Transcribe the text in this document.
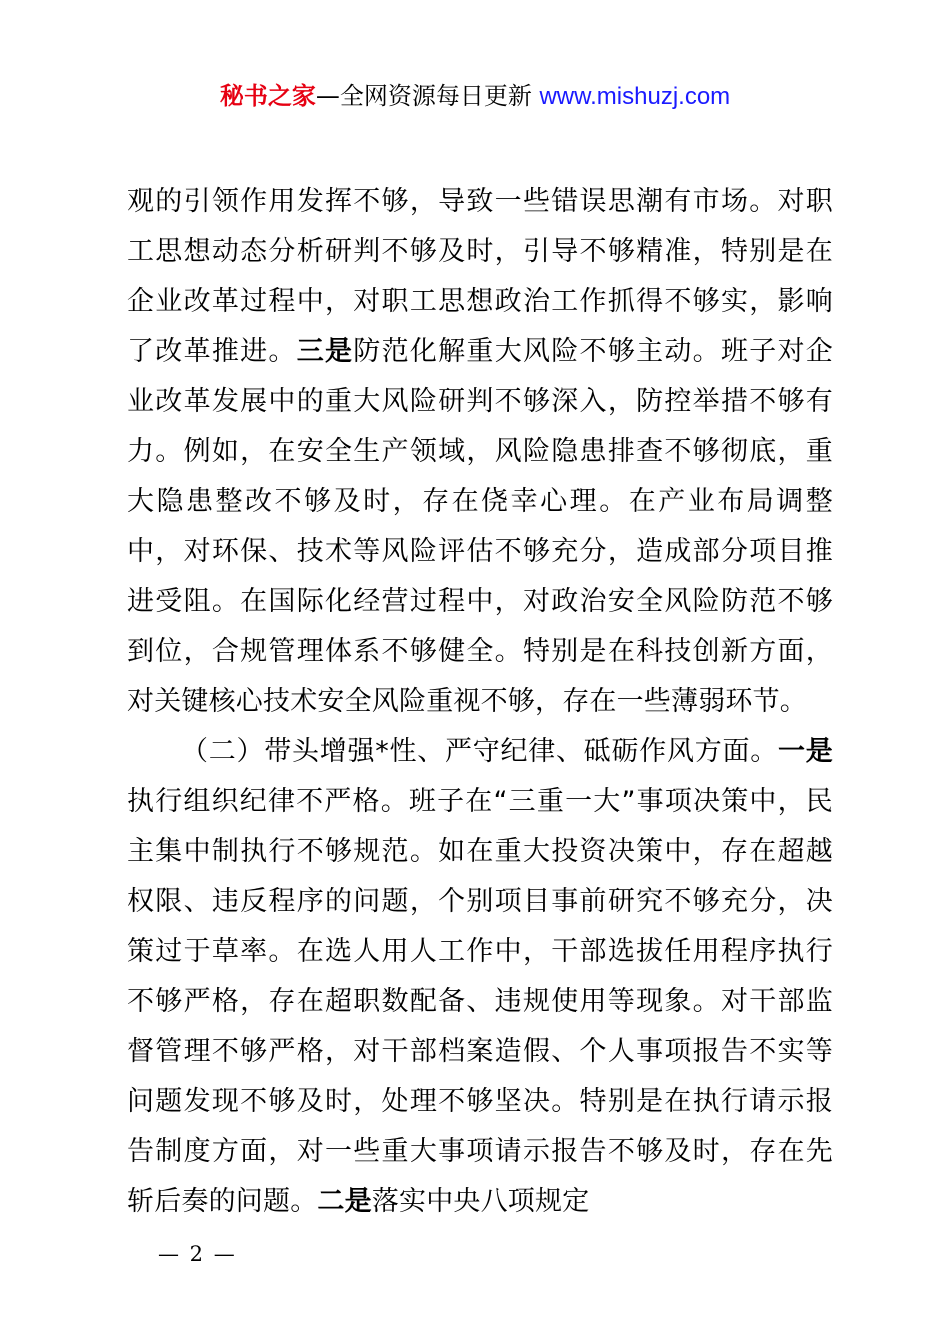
秘书之家—全网资源每日更新 www.mishuzj.com

观的引领作用发挥不够，导致一些错误思潮有市场。对职工思想动态分析研判不够及时，引导不够精准，特别是在企业改革过程中，对职工思想政治工作抓得不够实，影响了改革推进。三是防范化解重大风险不够主动。班子对企业改革发展中的重大风险研判不够深入，防控举措不够有力。例如，在安全生产领域，风险隐患排查不够彻底，重大隐患整改不够及时，存在侥幸心理。在产业布局调整中，对环保、技术等风险评估不够充分，造成部分项目推进受阻。在国际化经营过程中，对政治安全风险防范不够到位，合规管理体系不够健全。特别是在科技创新方面，对关键核心技术安全风险重视不够，存在一些薄弱环节。

（二）带头增强*性、严守纪律、砥砺作风方面。一是执行组织纪律不严格。班子在“三重一大”事项决策中，民主集中制执行不够规范。如在重大投资决策中，存在超越权限、违反程序的问题，个别项目事前研究不够充分，决策过于草率。在选人用人工作中，干部选拔任用程序执行不够严格，存在超职数配备、违规使用等现象。对干部监督管理不够严格，对干部档案造假、个人事项报告不实等问题发现不够及时，处理不够坚决。特别是在执行请示报告制度方面，对一些重大事项请示报告不够及时，存在先斩后奏的问题。二是落实中央八项规定

— 2 —
